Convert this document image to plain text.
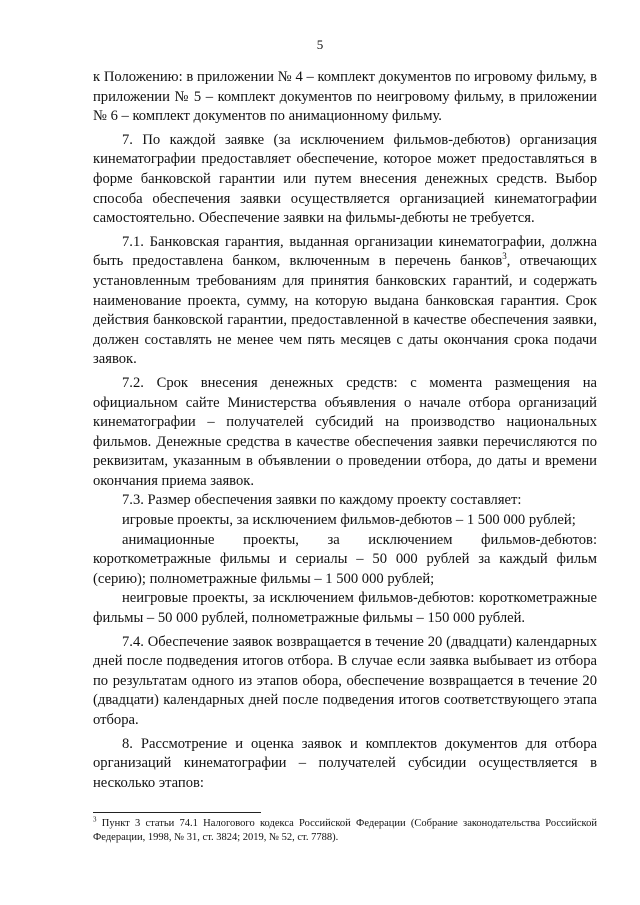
5

к Положению: в приложении № 4 – комплект документов по игровому фильму, в приложении № 5 – комплект документов по неигровому фильму, в приложении № 6 – комплект документов по анимационному фильму.

7. По каждой заявке (за исключением фильмов-дебютов) организация кинематографии предоставляет обеспечение, которое может предоставляться в форме банковской гарантии или путем внесения денежных средств. Выбор способа обеспечения заявки осуществляется организацией кинематографии самостоятельно. Обеспечение заявки на фильмы-дебюты не требуется.

7.1. Банковская гарантия, выданная организации кинематографии, должна быть предоставлена банком, включенным в перечень банков$^3$, отвечающих установленным требованиям для принятия банковских гарантий, и содержать наименование проекта, сумму, на которую выдана банковская гарантия. Срок действия банковской гарантии, предоставленной в качестве обеспечения заявки, должен составлять не менее чем пять месяцев с даты окончания срока подачи заявок.

7.2. Срок внесения денежных средств: с момента размещения на официальном сайте Министерства объявления о начале отбора организаций кинематографии – получателей субсидий на производство национальных фильмов. Денежные средства в качестве обеспечения заявки перечисляются по реквизитам, указанным в объявлении о проведении отбора, до даты и времени окончания приема заявок.

7.3. Размер обеспечения заявки по каждому проекту составляет:

игровые проекты, за исключением фильмов-дебютов – 1 500 000 рублей;

анимационные проекты, за исключением фильмов-дебютов: короткометражные фильмы и сериалы – 50 000 рублей за каждый фильм (серию); полнометражные фильмы – 1 500 000 рублей;

неигровые проекты, за исключением фильмов-дебютов: короткометражные фильмы – 50 000 рублей, полнометражные фильмы – 150 000 рублей.

7.4. Обеспечение заявок возвращается в течение 20 (двадцати) календарных дней после подведения итогов отбора. В случае если заявка выбывает из отбора по результатам одного из этапов обора, обеспечение возвращается в течение 20 (двадцати) календарных дней после подведения итогов соответствующего этапа отбора.

8. Рассмотрение и оценка заявок и комплектов документов для отбора организаций кинематографии – получателей субсидии осуществляется в несколько этапов:

$^3$ Пункт 3 статьи 74.1 Налогового кодекса Российской Федерации (Собрание законодательства Российской Федерации, 1998, № 31, ст. 3824; 2019, № 52, ст. 7788).
